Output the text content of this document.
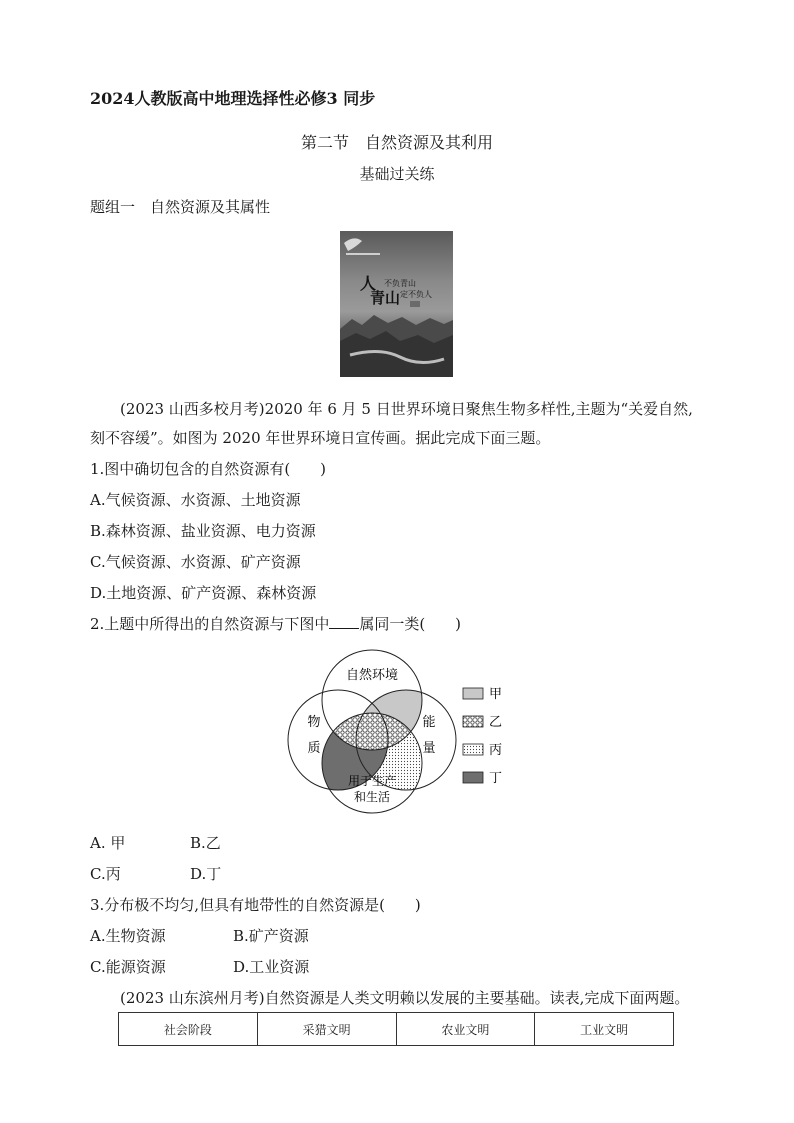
2024人教版高中地理选择性必修3 同步
第二节　自然资源及其利用
基础过关练
题组一　自然资源及其属性
人 不负青山
青山 定不负人
(2023 山西多校月考)2020 年 6 月 5 日世界环境日聚焦生物多样性,主题为“关爱自然,
刻不容缓”。如图为 2020 年世界环境日宣传画。据此完成下面三题。
1.图中确切包含的自然资源有(　　)
A.气候资源、水资源、土地资源
B.森林资源、盐业资源、电力资源
C.气候资源、水资源、矿产资源
D.土地资源、矿产资源、森林资源
2.上题中所得出的自然资源与下图中 属同一类(　　)
自然环境
物
质
能
量
用于生产
和生活
甲
乙
丙
丁
A. 甲	B.乙
C.丙	D.丁
3.分布极不均匀,但具有地带性的自然资源是(　　)
A.生物资源	B.矿产资源
C.能源资源	D.工业资源
(2023 山东滨州月考)自然资源是人类文明赖以发展的主要基础。读表,完成下面两题。
社会阶段	采猎文明	农业文明	工业文明
